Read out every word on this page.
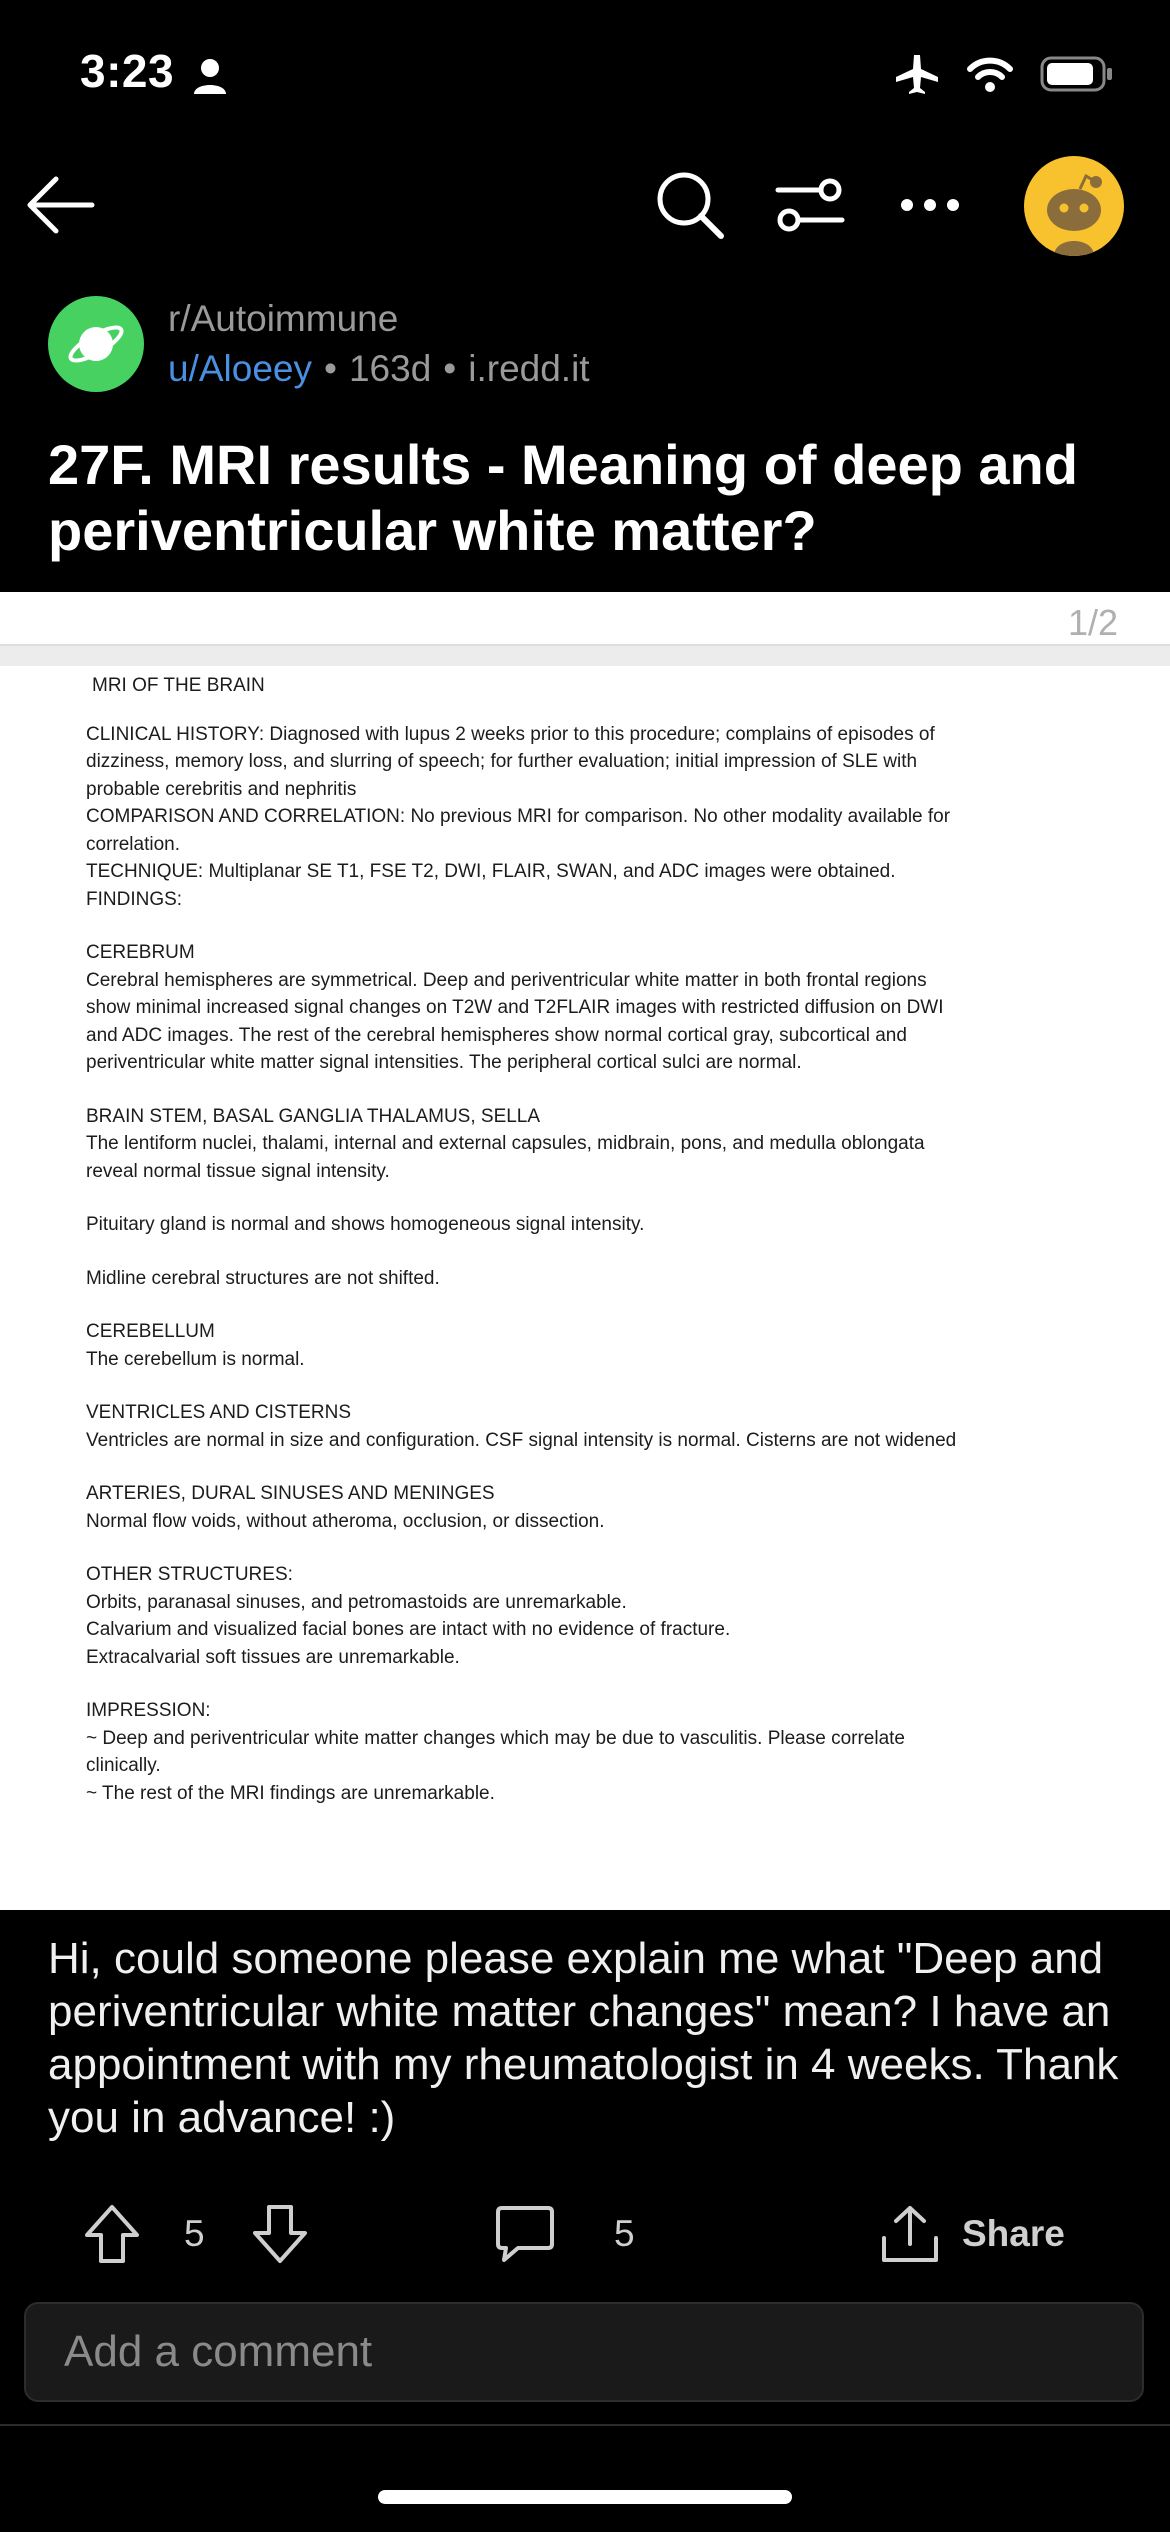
3:23
r/Autoimmune
u/Aloeey • 163d • i.redd.it
27F. MRI results - Meaning of deep and periventricular white matter?
1/2

MRI OF THE BRAIN

CLINICAL HISTORY: Diagnosed with lupus 2 weeks prior to this procedure; complains of episodes of

dizziness, memory loss, and slurring of speech; for further evaluation; initial impression of SLE with

probable cerebritis and nephritis

COMPARISON AND CORRELATION: No previous MRI for comparison. No other modality available for

correlation.

TECHNIQUE: Multiplanar SE T1, FSE T2, DWI, FLAIR, SWAN, and ADC images were obtained.

FINDINGS:

CEREBRUM

Cerebral hemispheres are symmetrical. Deep and periventricular white matter in both frontal regions

show minimal increased signal changes on T2W and T2FLAIR images with restricted diffusion on DWI

and ADC images. The rest of the cerebral hemispheres show normal cortical gray, subcortical and

periventricular white matter signal intensities. The peripheral cortical sulci are normal.

BRAIN STEM, BASAL GANGLIA THALAMUS, SELLA

The lentiform nuclei, thalami, internal and external capsules, midbrain, pons, and medulla oblongata

reveal normal tissue signal intensity.

Pituitary gland is normal and shows homogeneous signal intensity.

Midline cerebral structures are not shifted.

CEREBELLUM

The cerebellum is normal.

VENTRICLES AND CISTERNS

Ventricles are normal in size and configuration. CSF signal intensity is normal. Cisterns are not widened

ARTERIES, DURAL SINUSES AND MENINGES

Normal flow voids, without atheroma, occlusion, or dissection.

OTHER STRUCTURES:

Orbits, paranasal sinuses, and petromastoids are unremarkable.

Calvarium and visualized facial bones are intact with no evidence of fracture.

Extracalvarial soft tissues are unremarkable.

IMPRESSION:

~ Deep and periventricular white matter changes which may be due to vasculitis. Please correlate

clinically.

~ The rest of the MRI findings are unremarkable.

Hi, could someone please explain me what "Deep and periventricular white matter changes" mean? I have an appointment with my rheumatologist in 4 weeks. Thank you in advance! :)

5	5	Share
Add a comment
